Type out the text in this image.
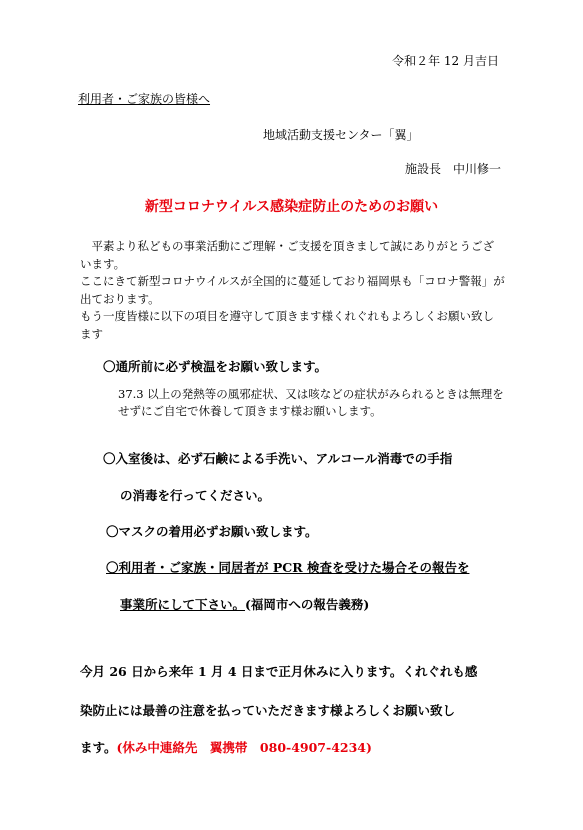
令和２年 12 月吉日
利用者・ご家族の皆様へ
地域活動支援センター「翼」
施設長　中川修一
新型コロナウイルス感染症防止のためのお願い

　平素より私どもの事業活動にご理解・ご支援を頂きまして誠にありがとうございます。

ここにきて新型コロナウイルスが全国的に蔓延しており福岡県も「コロナ警報」が出ております。

もう一度皆様に以下の項目を遵守して頂きます様くれぐれもよろしくお願い致します

〇通所前に必ず検温をお願い致します。
37.3 以上の発熱等の風邪症状、又は咳などの症状がみられるときは無理をせずにご自宅で休養して頂きます様お願いします。
〇入室後は、必ず石鹸による手洗い、アルコール消毒での手指
の消毒を行ってください。
〇マスクの着用必ずお願い致します。
〇利用者・ご家族・同居者が PCR 検査を受けた場合その報告を
事業所にして下さい。(福岡市への報告義務)
今月 26 日から来年 1 月 4 日まで正月休みに入ります。くれぐれも感
染防止には最善の注意を払っていただきます様よろしくお願い致し
ます。(休み中連絡先　翼携帯　080-4907-4234)
